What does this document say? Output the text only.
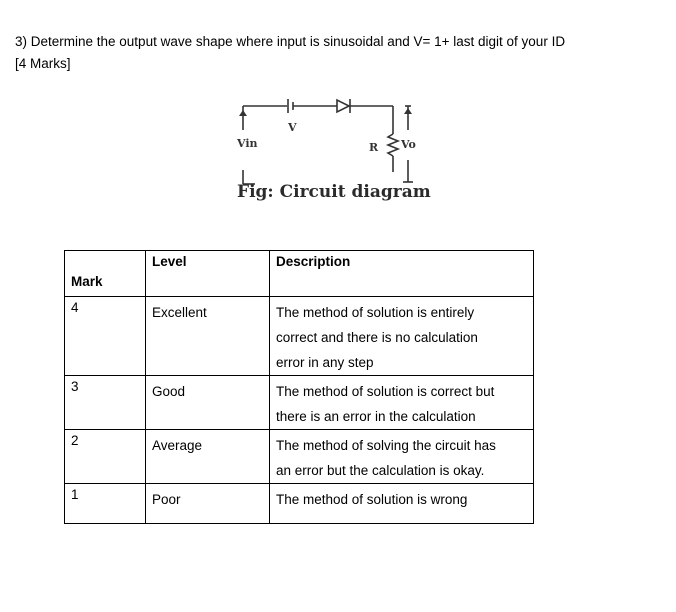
3) Determine the output wave shape where input is sinusoidal and V= 1+ last digit of your ID
[4 Marks]
Vin
V
R Vo
Fig: Circuit diagram
Mark	Level	Description
4	Excellent	The method of solution is entirely
correct and there is no calculation
error in any step

3	Good	The method of solution is correct but
there is an error in the calculation

2	Average	The method of solving the circuit has
an error but the calculation is okay.

1	Poor	The method of solution is wrong
